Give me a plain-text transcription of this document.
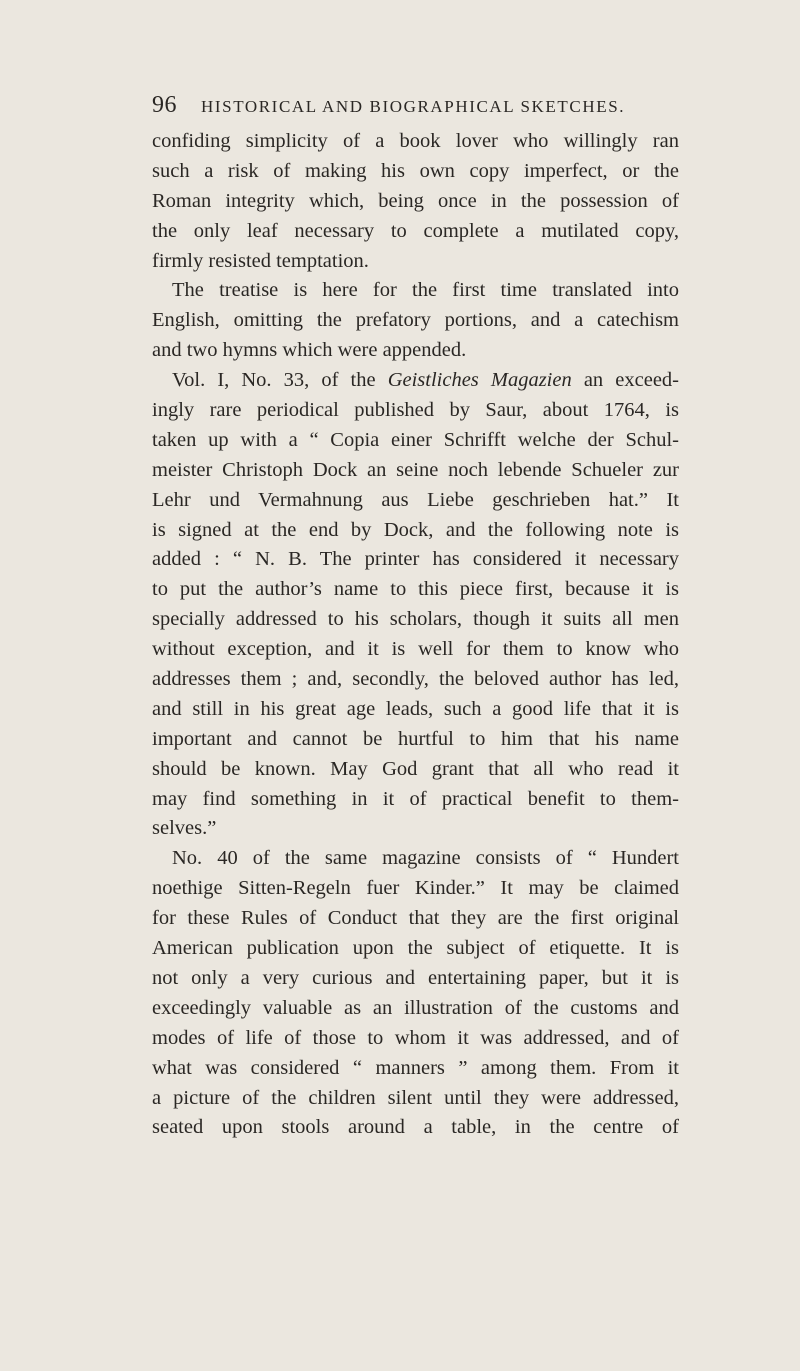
96 HISTORICAL AND BIOGRAPHICAL SKETCHES.
confiding simplicity of a book lover who willingly ran
such a risk of making his own copy imperfect, or the
Roman integrity which, being once in the possession of
the only leaf necessary to complete a mutilated copy,
firmly resisted temptation.
The treatise is here for the first time translated into
English, omitting the prefatory portions, and a catechism
and two hymns which were appended.
Vol. I, No. 33, of the Geistliches Magazien an exceed-
ingly rare periodical published by Saur, about 1764, is
taken up with a “ Copia einer Schrifft welche der Schul-
meister Christoph Dock an seine noch lebende Schueler zur
Lehr und Vermahnung aus Liebe geschrieben hat.” It
is signed at the end by Dock, and the following note is
added : “ N. B. The printer has considered it necessary
to put the author’s name to this piece first, because it is
specially addressed to his scholars, though it suits all men
without exception, and it is well for them to know who
addresses them ; and, secondly, the beloved author has led,
and still in his great age leads, such a good life that it is
important and cannot be hurtful to him that his name
should be known. May God grant that all who read it
may find something in it of practical benefit to them-
selves.”
No. 40 of the same magazine consists of “ Hundert
noethige Sitten-Regeln fuer Kinder.” It may be claimed
for these Rules of Conduct that they are the first original
American publication upon the subject of etiquette. It is
not only a very curious and entertaining paper, but it is
exceedingly valuable as an illustration of the customs and
modes of life of those to whom it was addressed, and of
what was considered “ manners ” among them. From it
a picture of the children silent until they were addressed,
seated upon stools around a table, in the centre of
